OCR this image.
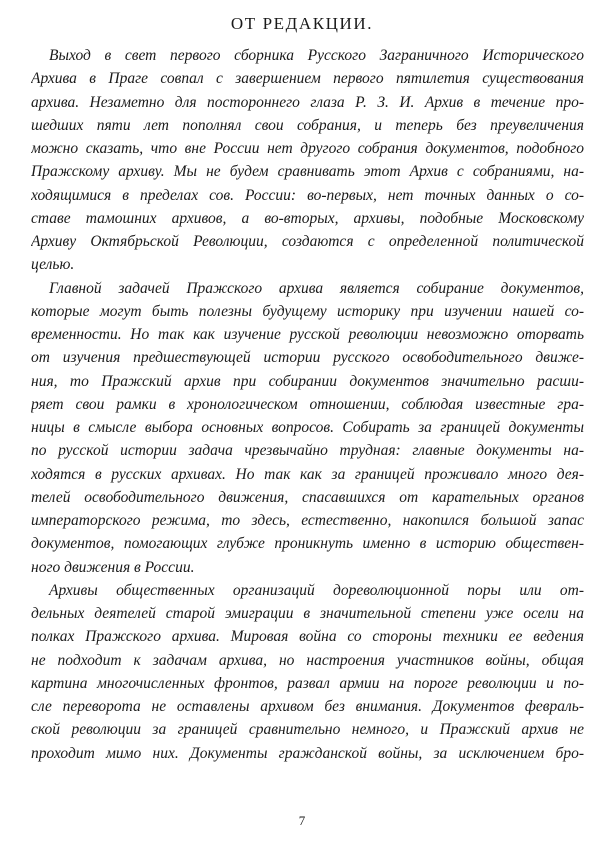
ОТ РЕДАКЦИИ.
Выход в свет первого сборника Русского Заграничного Исторического
Архива в Праге совпал с завершением первого пятилетия существования
архива. Незаметно для постороннего глаза Р. З. И. Архив в течение про-
шедших пяти лет пополнял свои собрания, и теперь без преувеличения
можно сказать, что вне России нет другого собрания документов, подобного
Пражскому архиву. Мы не будем сравнивать этот Архив с собраниями, на-
ходящимися в пределах сов. России: во-первых, нет точных данных о со-
ставе тамошних архивов, а во-вторых, архивы, подобные Московскому
Архиву Октябрьской Революции, создаются с определенной политической
целью.
Главной задачей Пражского архива является собирание документов,
которые могут быть полезны будущему историку при изучении нашей со-
временности. Но так как изучение русской революции невозможно оторвать
от изучения предшествующей истории русского освободительного движе-
ния, то Пражский архив при собирании документов значительно расши-
ряет свои рамки в хронологическом отношении, соблюдая известные гра-
ницы в смысле выбора основных вопросов. Собирать за границей документы
по русской истории задача чрезвычайно трудная: главные документы на-
ходятся в русских архивах. Но так как за границей проживало много дея-
телей освободительного движения, спасавшихся от карательных органов
императорского режима, то здесь, естественно, накопился большой запас
документов, помогающих глубже проникнуть именно в историю обществен-
ного движения в России.
Архивы общественных организаций дореволюционной поры или от-
дельных деятелей старой эмиграции в значительной степени уже осели на
полках Пражского архива. Мировая война со стороны техники ее ведения
не подходит к задачам архива, но настроения участников войны, общая
картина многочисленных фронтов, развал армии на пороге революции и по-
сле переворота не оставлены архивом без внимания. Документов февраль-
ской революции за границей сравнительно немного, и Пражский архив не
проходит мимо них. Документы гражданской войны, за исключением бро-
7
